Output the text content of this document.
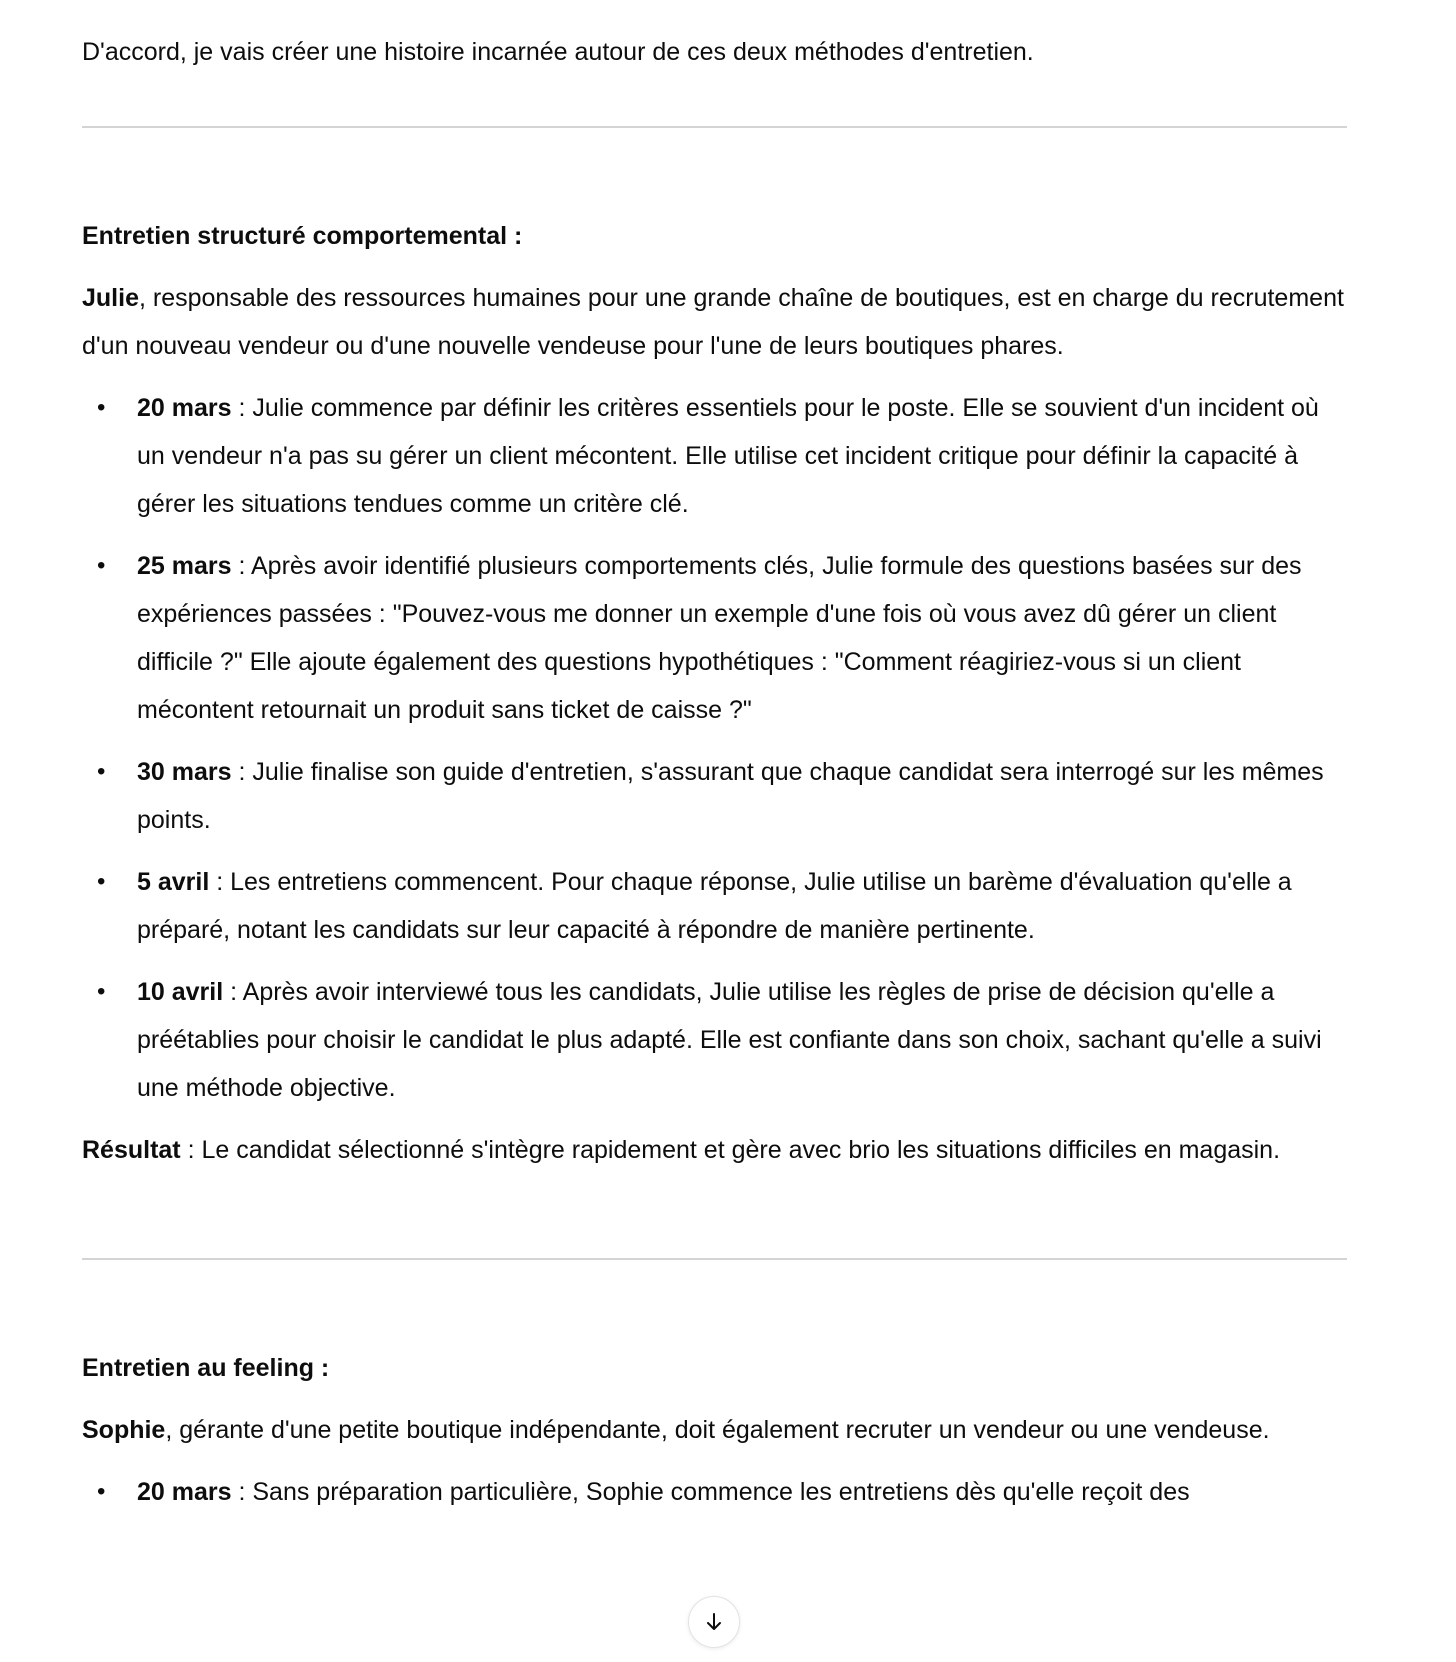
D'accord, je vais créer une histoire incarnée autour de ces deux méthodes d'entretien.

Entretien structuré comportemental :

Julie, responsable des ressources humaines pour une grande chaîne de boutiques, est en charge du recrutement d'un nouveau vendeur ou d'une nouvelle vendeuse pour l'une de leurs boutiques phares.

• 20 mars : Julie commence par définir les critères essentiels pour le poste. Elle se souvient d'un incident où un vendeur n'a pas su gérer un client mécontent. Elle utilise cet incident critique pour définir la capacité à gérer les situations tendues comme un critère clé.
• 25 mars : Après avoir identifié plusieurs comportements clés, Julie formule des questions basées sur des expériences passées : "Pouvez-vous me donner un exemple d'une fois où vous avez dû gérer un client difficile ?" Elle ajoute également des questions hypothétiques : "Comment réagiriez-vous si un client mécontent retournait un produit sans ticket de caisse ?"
• 30 mars : Julie finalise son guide d'entretien, s'assurant que chaque candidat sera interrogé sur les mêmes points.
• 5 avril : Les entretiens commencent. Pour chaque réponse, Julie utilise un barème d'évaluation qu'elle a préparé, notant les candidats sur leur capacité à répondre de manière pertinente.
• 10 avril : Après avoir interviewé tous les candidats, Julie utilise les règles de prise de décision qu'elle a préétablies pour choisir le candidat le plus adapté. Elle est confiante dans son choix, sachant qu'elle a suivi une méthode objective.

Résultat : Le candidat sélectionné s'intègre rapidement et gère avec brio les situations difficiles en magasin.

Entretien au feeling :

Sophie, gérante d'une petite boutique indépendante, doit également recruter un vendeur ou une vendeuse.

• 20 mars : Sans préparation particulière, Sophie commence les entretiens dès qu'elle reçoit des
